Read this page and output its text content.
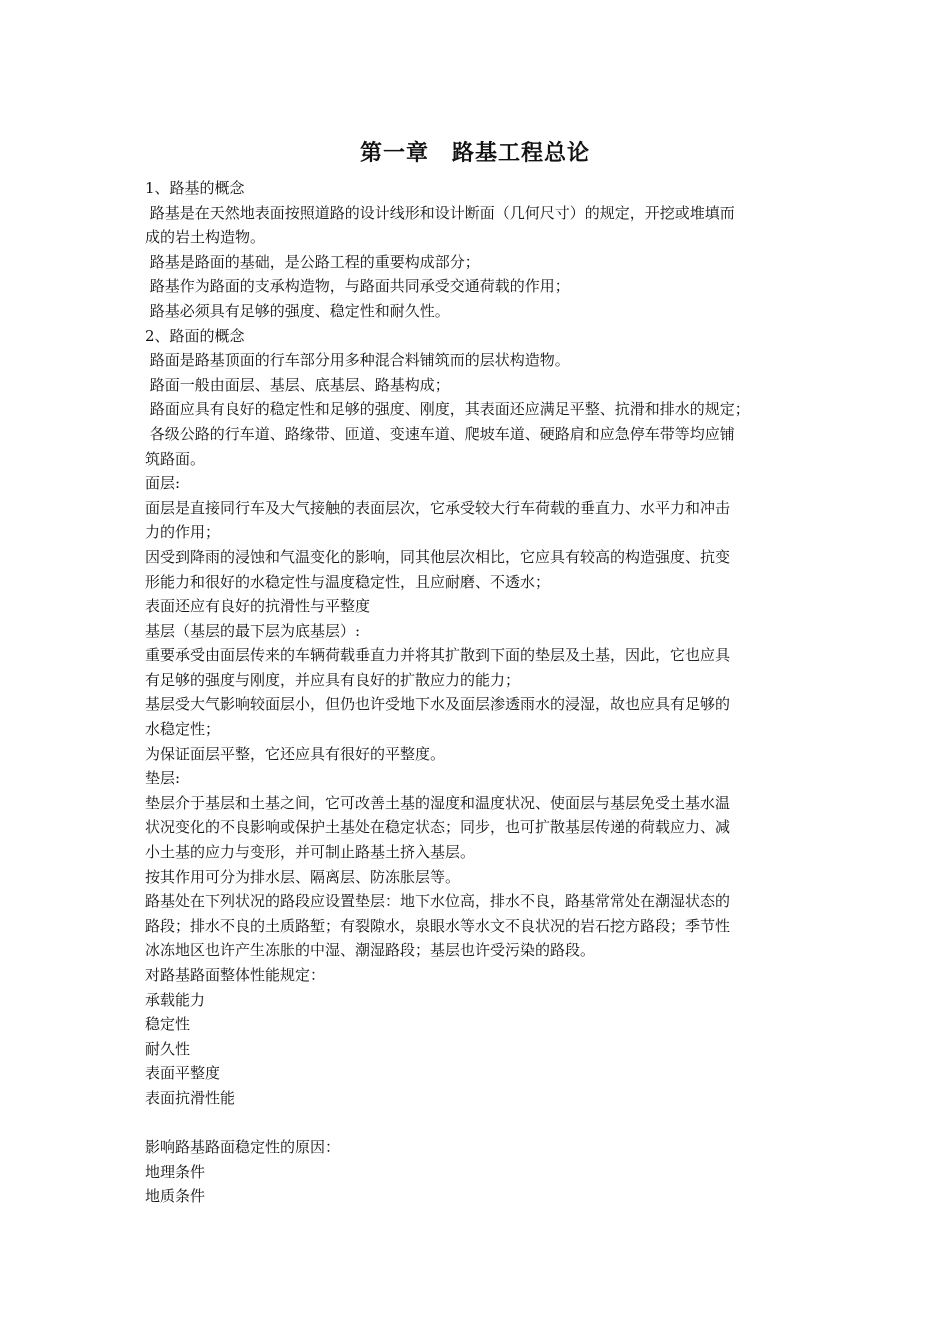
第一章　路基工程总论
1、路基的概念
路基是在天然地表面按照道路的设计线形和设计断面（几何尺寸）的规定，开挖或堆填而
成的岩土构造物。
路基是路面的基础，是公路工程的重要构成部分；
路基作为路面的支承构造物，与路面共同承受交通荷载的作用；
路基必须具有足够的强度、稳定性和耐久性。
2、路面的概念
路面是路基顶面的行车部分用多种混合料铺筑而的层状构造物。
路面一般由面层、基层、底基层、路基构成；
路面应具有良好的稳定性和足够的强度、刚度，其表面还应满足平整、抗滑和排水的规定；
各级公路的行车道、路缘带、匝道、变速车道、爬坡车道、硬路肩和应急停车带等均应铺
筑路面。
面层:
面层是直接同行车及大气接触的表面层次，它承受较大行车荷载的垂直力、水平力和冲击
力的作用；
因受到降雨的浸蚀和气温变化的影响，同其他层次相比，它应具有较高的构造强度、抗变
形能力和很好的水稳定性与温度稳定性，且应耐磨、不透水；
表面还应有良好的抗滑性与平整度
基层（基层的最下层为底基层）:
重要承受由面层传来的车辆荷载垂直力并将其扩散到下面的垫层及土基，因此，它也应具
有足够的强度与刚度，并应具有良好的扩散应力的能力；
基层受大气影响较面层小，但仍也许受地下水及面层渗透雨水的浸湿，故也应具有足够的
水稳定性；
为保证面层平整，它还应具有很好的平整度。
垫层:
垫层介于基层和土基之间，它可改善土基的湿度和温度状况、使面层与基层免受土基水温
状况变化的不良影响或保护土基处在稳定状态；同步，也可扩散基层传递的荷载应力、减
小土基的应力与变形，并可制止路基土挤入基层。
按其作用可分为排水层、隔离层、防冻胀层等。
路基处在下列状况的路段应设置垫层：地下水位高，排水不良，路基常常处在潮湿状态的
路段；排水不良的土质路堑；有裂隙水，泉眼水等水文不良状况的岩石挖方路段；季节性
冰冻地区也许产生冻胀的中湿、潮湿路段；基层也许受污染的路段。
对路基路面整体性能规定：
承载能力
稳定性
耐久性
表面平整度
表面抗滑性能
影响路基路面稳定性的原因：
地理条件
地质条件
